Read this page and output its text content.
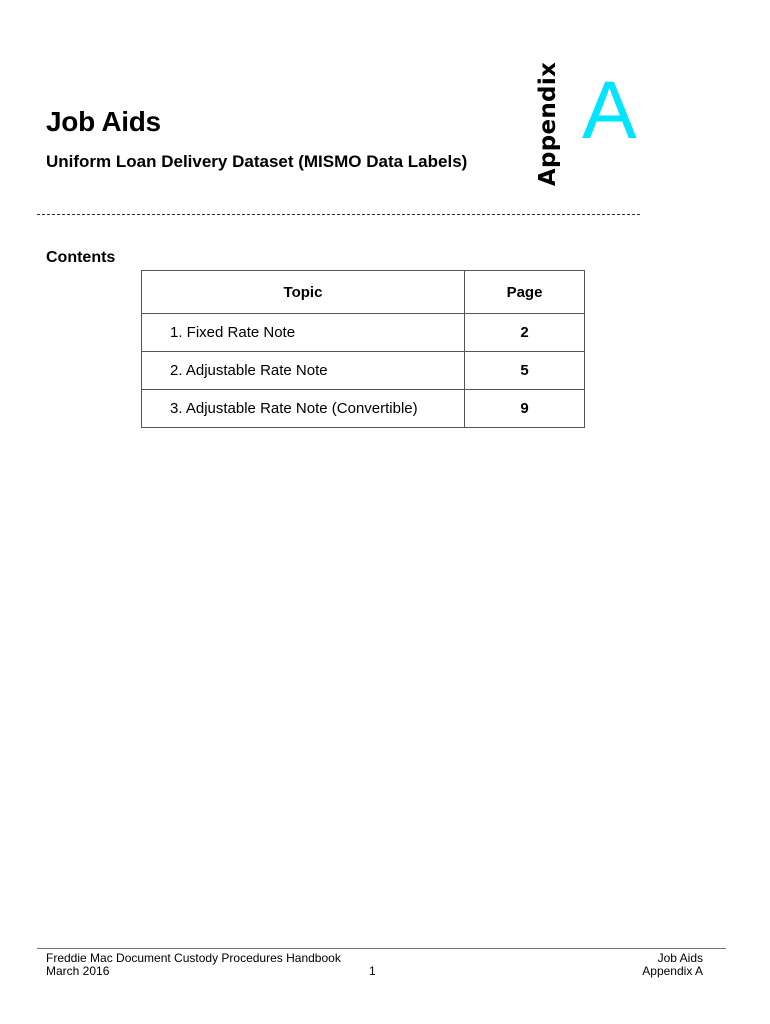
Job Aids
Uniform Loan Delivery Dataset (MISMO Data Labels)	Appendix A
Contents
Topic	Page
1. Fixed Rate Note	2
2. Adjustable Rate Note	5
3. Adjustable Rate Note (Convertible)	9
Freddie Mac Document Custody Procedures Handbook
March 2016	1
Job Aids
Appendix A
